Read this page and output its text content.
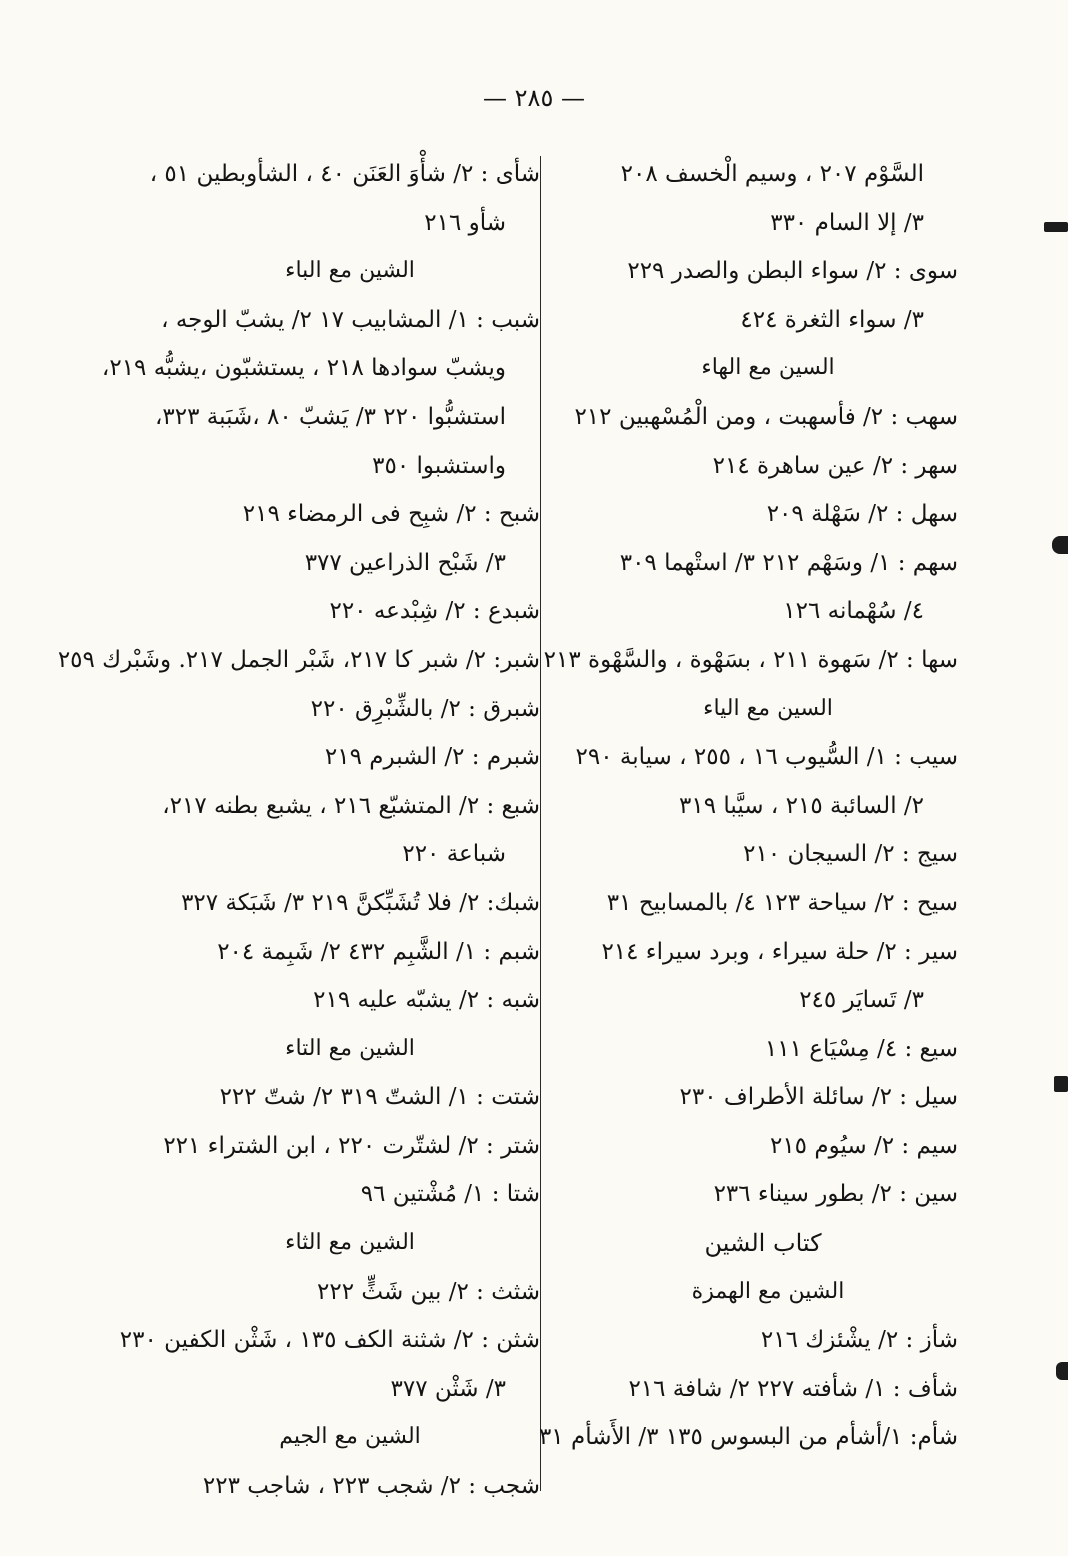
— ٢٨٥ —
السَّوْم ٢٠٧ ، وسيم الْخسف ٢٠٨
٣/ إلا السام ٣٣٠
سوى : ٢/ سواء البطن والصدر ٢٢٩
٣/ سواء الثغرة ٤٢٤
السين مع الهاء
سهب : ٢/ فأسهبت ، ومن الْمُسْهبين ٢١٢
سهر : ٢/ عين ساهرة ٢١٤
سهل : ٢/ سَهْلة ٢٠٩
سهم : ١/ وسَهْم ٢١٢ ٣/ استْهما ٣٠٩
٤/ سُهْمانه ١٢٦
سها : ٢/ سَهوة ٢١١ ، بسَهْوة ، والسَّهْوة ٢١٣
السين مع الياء
سيب : ١/ السُّيوب ١٦ ، ٢٥٥ ، سيابة ٢٩٠
٢/ السائبة ٢١٥ ، سيَّبا ٣١٩
سيج : ٢/ السيجان ٢١٠
سيح : ٢/ سياحة ١٢٣ ٤/ بالمسابيح ٣١
سير : ٢/ حلة سيراء ، وبرد سيراء ٢١٤
٣/ تَسايَر ٢٤٥
سيع : ٤/ مِسْيَاع ١١١
سيل : ٢/ سائلة الأطراف ٢٣٠
سيم : ٢/ سيُوم ٢١٥
سين : ٢/ بطور سيناء ٢٣٦
كتاب الشين
الشين مع الهمزة
شأز : ٢/ يشْئزك ٢١٦
شأف : ١/ شأفته ٢٢٧ ٢/ شافة ٢١٦
شأم: ١/أشأم من البسوس ١٣٥ ٣/ الأَشأم ٣١
شأى : ٢/ شأْوَ العَنَن ٤٠ ، الشأوبطين ٥١ ،
شأو ٢١٦
الشين مع الباء
شبب : ١/ المشابيب ١٧ ٢/ يشبّ الوجه ،
ويشبّ سوادها ٢١٨ ، يستشبّون ،يشبُّه ٢١٩،
استشبُّوا ٢٢٠ ٣/ يَشبّ ٨٠ ،شَبَبة ٣٢٣،
واستشبوا ٣٥٠
شبح : ٢/ شبِح فى الرمضاء ٢١٩
٣/ شَبْح الذراعين ٣٧٧
شبدع : ٢/ شِبْدعه ٢٢٠
شبر: ٢/ شبر كا ٢١٧، شَبْر الجمل ٢١٧. وشَبْرك ٢٥٩
شبرق : ٢/ بالشِّبْرِق ٢٢٠
شبرم : ٢/ الشبرم ٢١٩
شبع : ٢/ المتشبّع ٢١٦ ، يشبع بطنه ٢١٧،
شباعة ٢٢٠
شبك: ٢/ فلا تُشَبِّكنَّ ٢١٩ ٣/ شَبَكة ٣٢٧
شبم : ١/ الشَّبِم ٤٣٢ ٢/ شَبِمة ٢٠٤
شبه : ٢/ يشبّه عليه ٢١٩
الشين مع التاء
شتت : ١/ الشتّ ٣١٩ ٢/ شتّ ٢٢٢
شتر : ٢/ لشتّرت ٢٢٠ ، ابن الشتراء ٢٢١
شتا : ١/ مُشْتين ٩٦
الشين مع الثاء
شثث : ٢/ بين شَثٍّ ٢٢٢
شثن : ٢/ شثنة الكف ١٣٥ ، شَثْن الكفين ٢٣٠
٣/ شَثْن ٣٧٧
الشين مع الجيم
شجب : ٢/ شجب ٢٢٣ ، شاجب ٢٢٣
